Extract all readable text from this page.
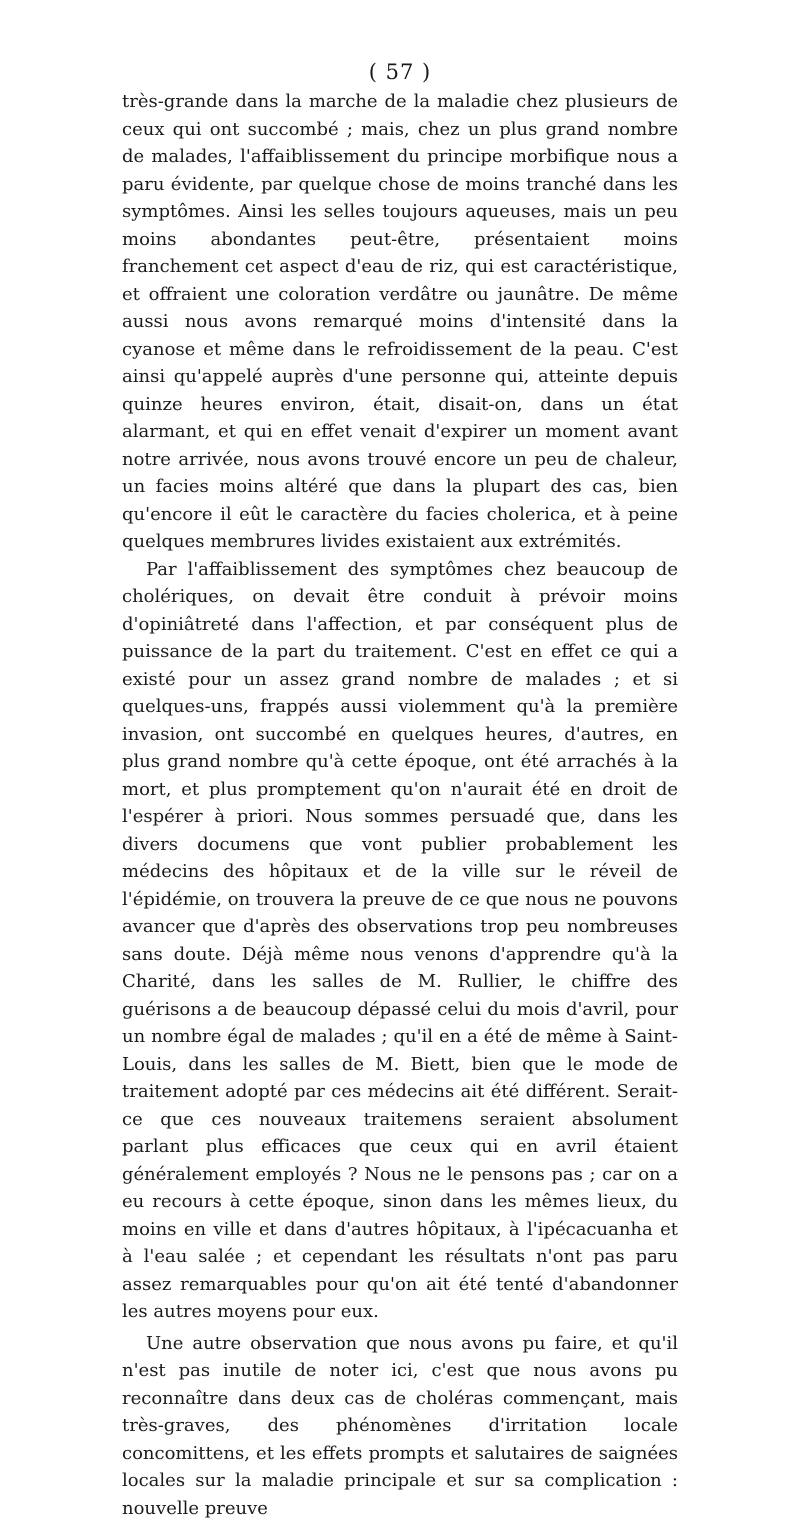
( 57 )

très-grande dans la marche de la maladie chez plusieurs de ceux qui ont succombé ; mais, chez un plus grand nombre de malades, l'affaiblissement du principe morbifique nous a paru évidente, par quelque chose de moins tranché dans les symptômes. Ainsi les selles toujours aqueuses, mais un peu moins abondantes peut-être, présentaient moins franchement cet aspect d'eau de riz, qui est caractéristique, et offraient une coloration verdâtre ou jaunâtre. De même aussi nous avons remarqué moins d'intensité dans la cyanose et même dans le refroidissement de la peau. C'est ainsi qu'appelé auprès d'une personne qui, atteinte depuis quinze heures environ, était, disait-on, dans un état alarmant, et qui en effet venait d'expirer un moment avant notre arrivée, nous avons trouvé encore un peu de chaleur, un facies moins altéré que dans la plupart des cas, bien qu'encore il eût le caractère du facies cholerica, et à peine quelques membrures livides existaient aux extrémités.

Par l'affaiblissement des symptômes chez beaucoup de cholériques, on devait être conduit à prévoir moins d'opiniâtreté dans l'affection, et par conséquent plus de puissance de la part du traitement. C'est en effet ce qui a existé pour un assez grand nombre de malades ; et si quelques-uns, frappés aussi violemment qu'à la première invasion, ont succombé en quelques heures, d'autres, en plus grand nombre qu'à cette époque, ont été arrachés à la mort, et plus promptement qu'on n'aurait été en droit de l'espérer à priori. Nous sommes persuadé que, dans les divers documens que vont publier probablement les médecins des hôpitaux et de la ville sur le réveil de l'épidémie, on trouvera la preuve de ce que nous ne pouvons avancer que d'après des observations trop peu nombreuses sans doute. Déjà même nous venons d'apprendre qu'à la Charité, dans les salles de M. Rullier, le chiffre des guérisons a de beaucoup dépassé celui du mois d'avril, pour un nombre égal de malades ; qu'il en a été de même à Saint-Louis, dans les salles de M. Biett, bien que le mode de traitement adopté par ces médecins ait été différent. Serait-ce que ces nouveaux traitemens seraient absolument parlant plus efficaces que ceux qui en avril étaient généralement employés ? Nous ne le pensons pas ; car on a eu recours à cette époque, sinon dans les mêmes lieux, du moins en ville et dans d'autres hôpitaux, à l'ipécacuanha et à l'eau salée ; et cependant les résultats n'ont pas paru assez remarquables pour qu'on ait été tenté d'abandonner les autres moyens pour eux.

Une autre observation que nous avons pu faire, et qu'il n'est pas inutile de noter ici, c'est que nous avons pu reconnaître dans deux cas de choléras commençant, mais très-graves, des phénomènes d'irritation locale concomittens, et les effets prompts et salutaires de saignées locales sur la maladie principale et sur sa complication : nouvelle preuve
